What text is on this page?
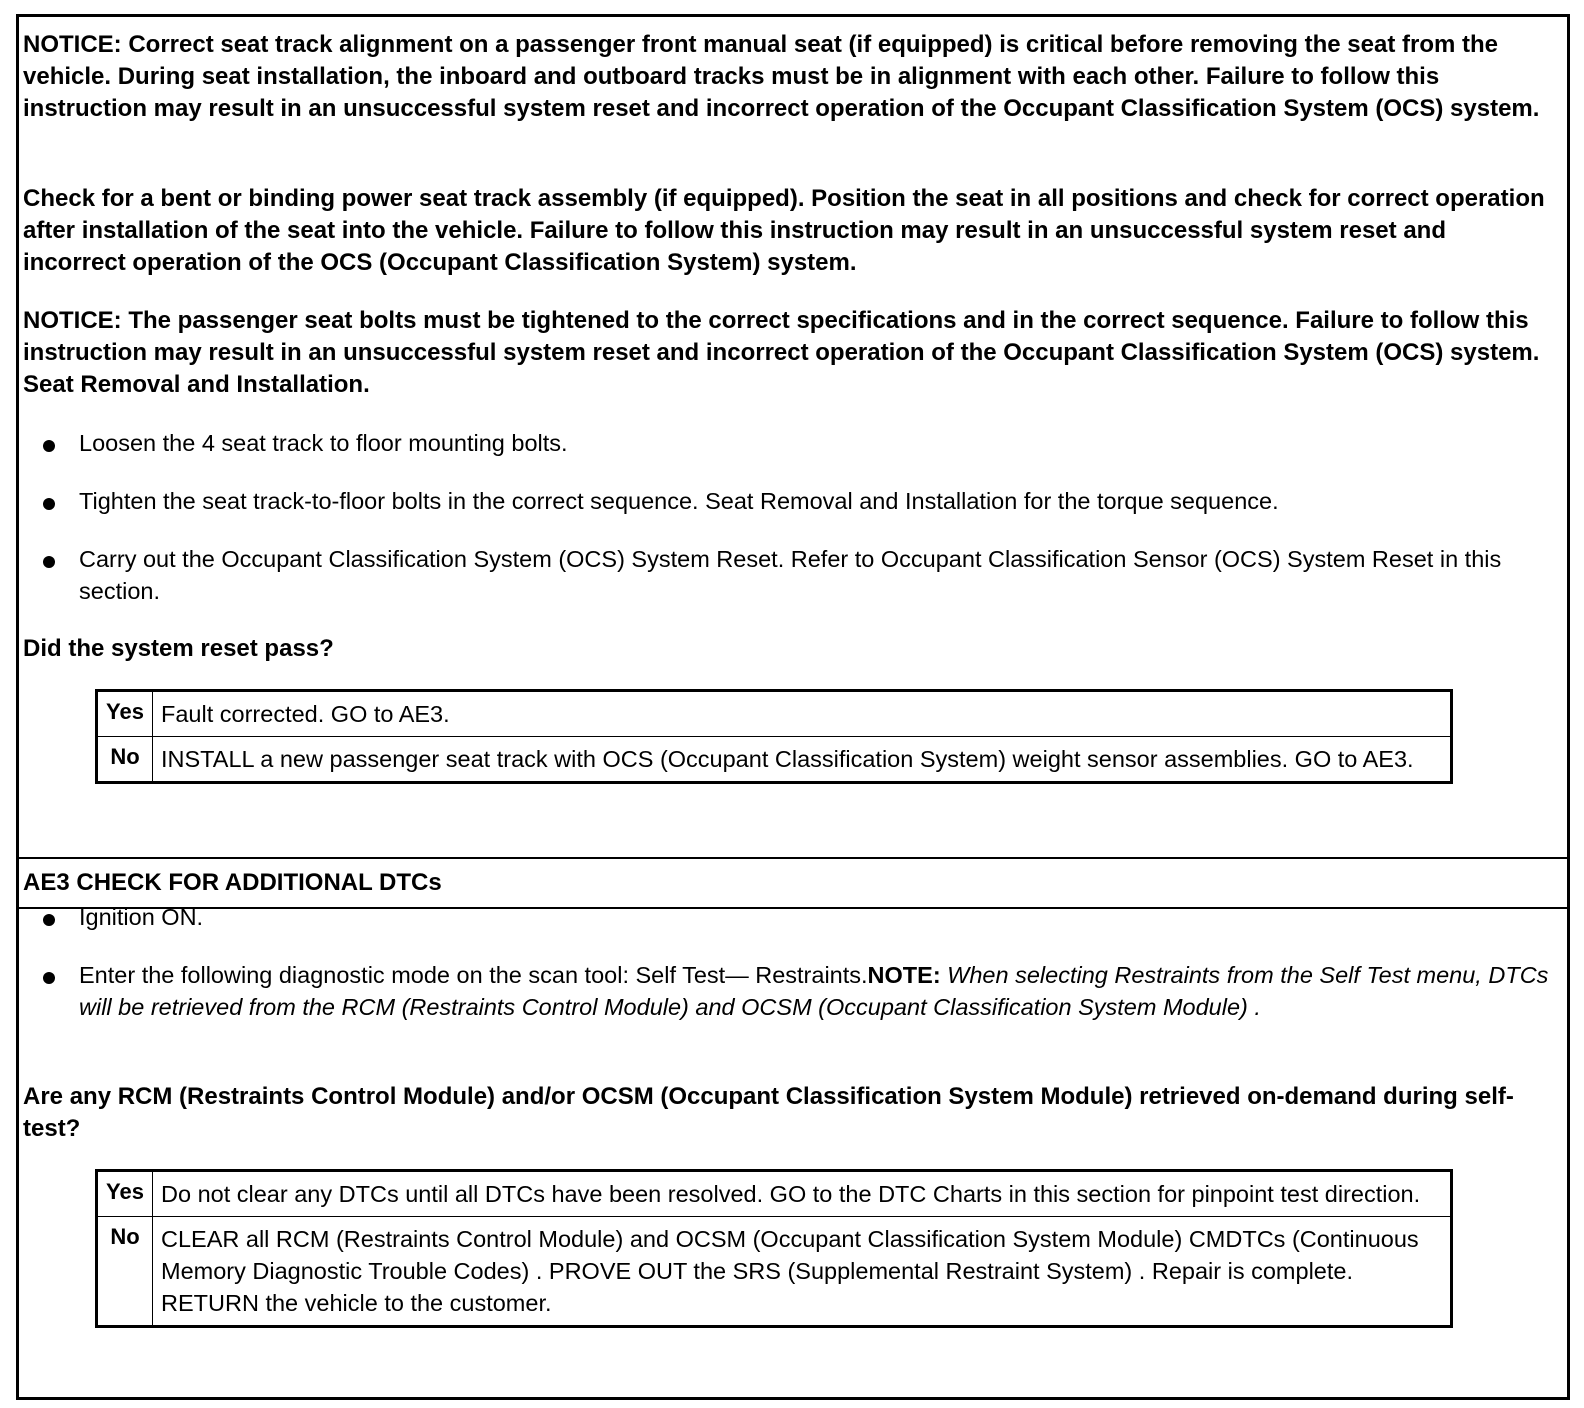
NOTICE: Correct seat track alignment on a passenger front manual seat (if equipped) is critical before removing the seat from the vehicle. During seat installation, the inboard and outboard tracks must be in alignment with each other. Failure to follow this instruction may result in an unsuccessful system reset and incorrect operation of the Occupant Classification System (OCS) system.

Check for a bent or binding power seat track assembly (if equipped). Position the seat in all positions and check for correct operation after installation of the seat into the vehicle. Failure to follow this instruction may result in an unsuccessful system reset and incorrect operation of the OCS (Occupant Classification System) system.

NOTICE: The passenger seat bolts must be tightened to the correct specifications and in the correct sequence. Failure to follow this instruction may result in an unsuccessful system reset and incorrect operation of the Occupant Classification System (OCS) system. Seat Removal and Installation.

Loosen the 4 seat track to floor mounting bolts.
Tighten the seat track-to-floor bolts in the correct sequence. Seat Removal and Installation for the torque sequence.
Carry out the Occupant Classification System (OCS) System Reset. Refer to Occupant Classification Sensor (OCS) System Reset in this section.
Did the system reset pass?
Yes	Fault corrected. GO to AE3.
No	INSTALL a new passenger seat track with OCS (Occupant Classification System) weight sensor assemblies. GO to AE3.
AE3 CHECK FOR ADDITIONAL DTCs
Ignition ON.
Enter the following diagnostic mode on the scan tool: Self Test— Restraints.NOTE: When selecting Restraints from the Self Test menu, DTCs will be retrieved from the RCM (Restraints Control Module) and OCSM (Occupant Classification System Module) .
Are any RCM (Restraints Control Module) and/or OCSM (Occupant Classification System Module) retrieved on-demand during self-test?
Yes	Do not clear any DTCs until all DTCs have been resolved. GO to the DTC Charts in this section for pinpoint test direction.
No	CLEAR all RCM (Restraints Control Module) and OCSM (Occupant Classification System Module) CMDTCs (Continuous Memory Diagnostic Trouble Codes) . PROVE OUT the SRS (Supplemental Restraint System) . Repair is complete. RETURN the vehicle to the customer.
